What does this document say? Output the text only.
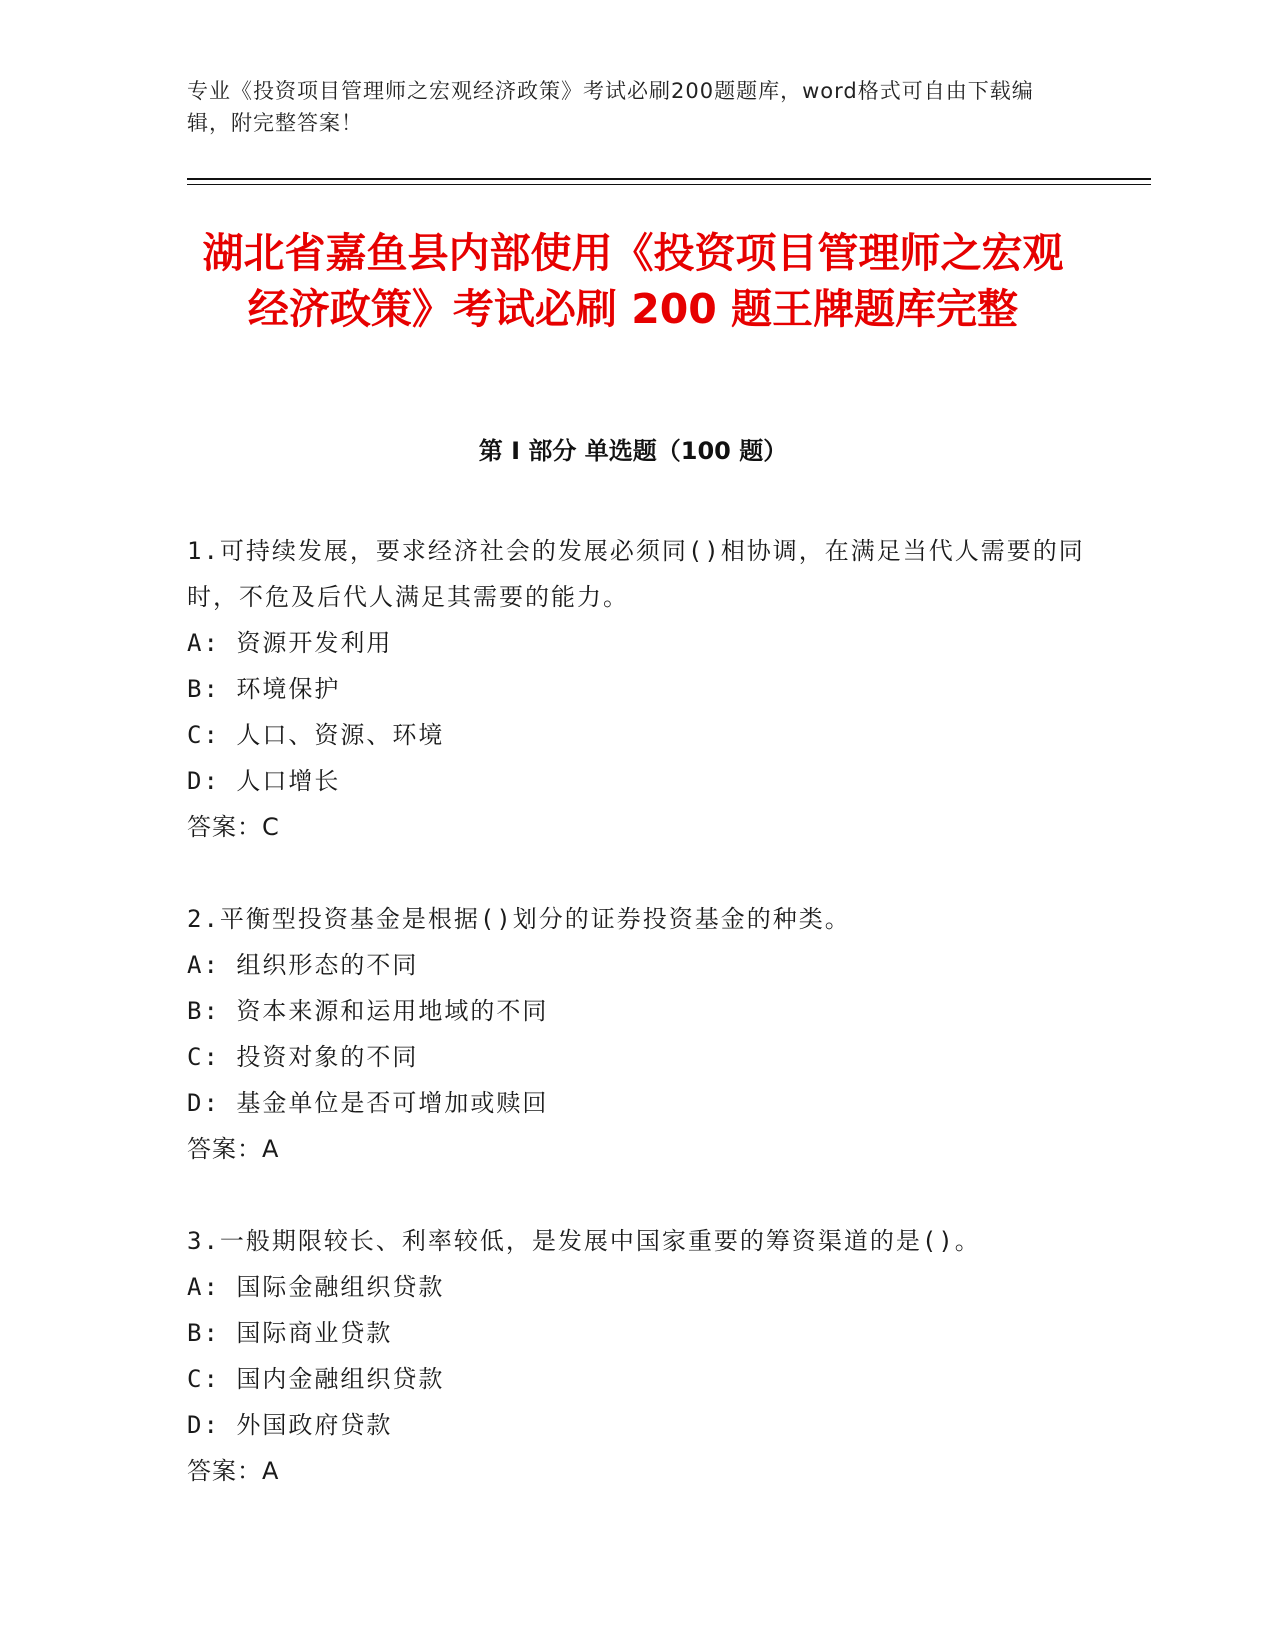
专业《投资项目管理师之宏观经济政策》考试必刷200题题库，word格式可自由下载编辑，附完整答案！
湖北省嘉鱼县内部使用《投资项目管理师之宏观经济政策》考试必刷 200 题王牌题库完整
第 I 部分 单选题（100 题）

1.可持续发展，要求经济社会的发展必须同()相协调，在满足当代人需要的同时，不危及后代人满足其需要的能力。

A: 资源开发利用

B: 环境保护

C: 人口、资源、环境

D: 人口增长

答案：C

2.平衡型投资基金是根据()划分的证券投资基金的种类。

A: 组织形态的不同

B: 资本来源和运用地域的不同

C: 投资对象的不同

D: 基金单位是否可增加或赎回

答案：A

3.一般期限较长、利率较低，是发展中国家重要的筹资渠道的是()。

A: 国际金融组织贷款

B: 国际商业贷款

C: 国内金融组织贷款

D: 外国政府贷款

答案：A
